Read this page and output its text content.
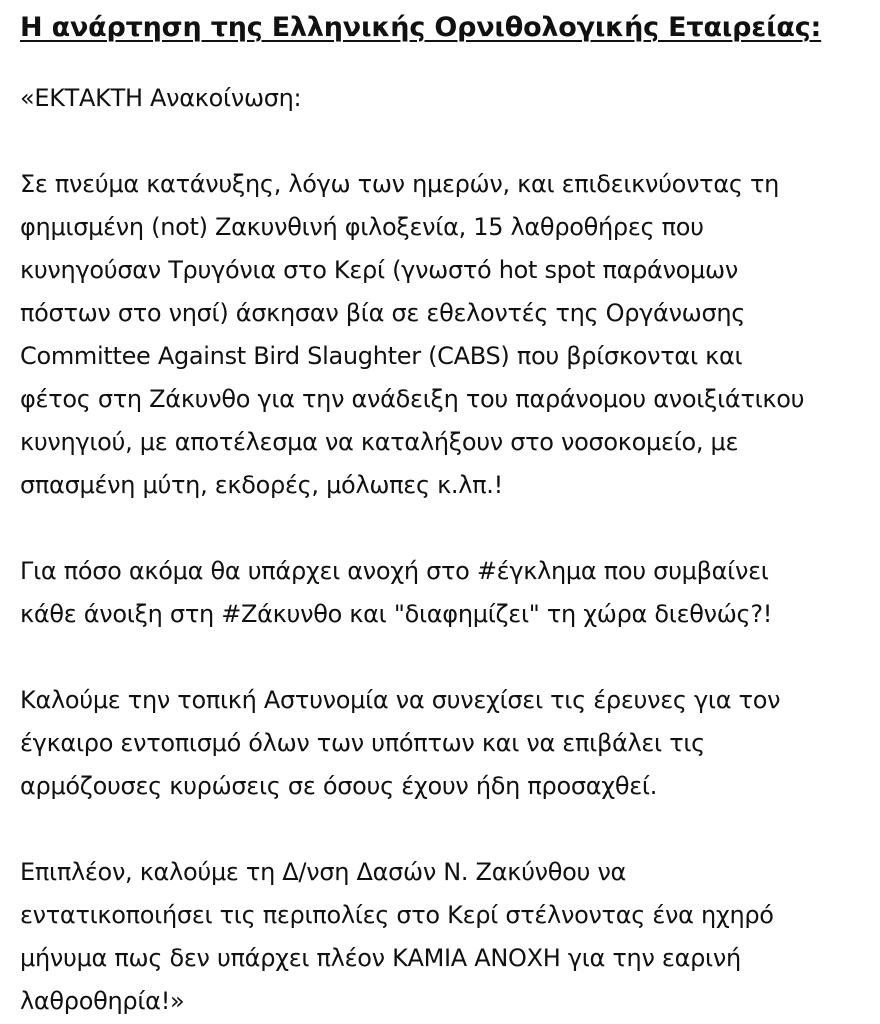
Η ανάρτηση της Ελληνικής Ορνιθολογικής Εταιρείας:

«ΕΚΤΑΚΤΗ Ανακοίνωση:
Σε πνεύμα κατάνυξης, λόγω των ημερών, και επιδεικνύοντας τη
φημισμένη (not) Ζακυνθινή φιλοξενία, 15 λαθροθήρες που
κυνηγούσαν Τρυγόνια στο Κερί (γνωστό hot spot παράνομων
πόστων στο νησί) άσκησαν βία σε εθελοντές της Οργάνωσης
Committee Against Bird Slaughter (CABS) που βρίσκονται και
φέτος στη Ζάκυνθο για την ανάδειξη του παράνομου ανοιξιάτικου
κυνηγιού, με αποτέλεσμα να καταλήξουν στο νοσοκομείο, με
σπασμένη μύτη, εκδορές, μόλωπες κ.λπ.!
Για πόσο ακόμα θα υπάρχει ανοχή στο #έγκλημα που συμβαίνει
κάθε άνοιξη στη #Ζάκυνθο και "διαφημίζει" τη χώρα διεθνώς?!
Καλούμε την τοπική Αστυνομία να συνεχίσει τις έρευνες για τον
έγκαιρο εντοπισμό όλων των υπόπτων και να επιβάλει τις
αρμόζουσες κυρώσεις σε όσους έχουν ήδη προσαχθεί.
Επιπλέον, καλούμε τη Δ/νση Δασών Ν. Ζακύνθου να
εντατικοποιήσει τις περιπολίες στο Κερί στέλνοντας ένα ηχηρό
μήνυμα πως δεν υπάρχει πλέον ΚΑΜΙΑ ΑΝΟΧΗ για την εαρινή
λαθροθηρία!»
